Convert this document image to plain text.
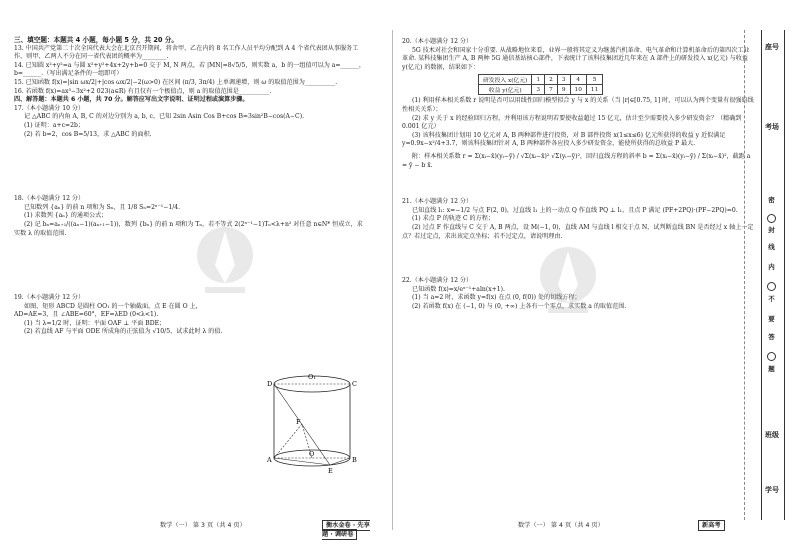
三、填空题：本题共 4 小题，每小题 5 分，共 20 分。
13. 中国共产党第二十次全国代表大会在北京召开期间，将舍甲、乙在内的 8 名工作人员平均分配到 A 4 个省代表团从事服务工作，则甲、乙两人不分在同一省代表团的概率为________.
14. 已知圆 x²+y²=a 与圆 x²+y²+4x+2y+b=0 交于 M, N 两点，若 |MN|=8√5/5，则实数 a，b 的一组值可以为 a=______，b=______.（写出满足条件的一组即可）
15. 已知函数 f(x)=|sin ωx/2|+|cos ωx/2|−2(ω>0) 在区间 (π/3, 3π/4) 上单调递增，则 ω 的取值范围为__________.
16. 若函数 f(x)=ax³−3x²+2 023(a∈R) 有且仅有一个极值点，则 a 的取值范围是__________.
四、解答题：本题共 6 小题，共 70 分。解答应写出文字说明、证明过程或演算步骤。
17.（本小题满分 10 分）
记 △ABC 的内角 A, B, C 的对边分别为 a, b, c，已知 2sin Asin Cos B+cos B=3sin²B−cos(A−C).
(1) 证明：a+c=2b；
(2) 若 b=2，cos B=5/13，求 △ABC 的面积.
18.（本小题满分 12 分）
已知数列 {aₙ} 的前 n 项和为 Sₙ，且 1/8 Sₙ=2ⁿ⁻¹−1/4.
(1) 求数列 {aₙ} 的通项公式；
(2) 记 bₙ=aₙ₊₁/((aₙ−1)(aₙ₊₁−1))，数列 {bₙ} 的前 n 项和为 Tₙ，若不等式 2(2ⁿ⁻¹−1)Tₙ<λ+n² 对任意 n∈N* 恒成立，求实数 λ 的取值范围.
19.（本小题满分 12 分）
如图，矩形 ABCD 是圆柱 OO₁ 的一个轴截面，点 E 在圆 O 上，AD=AE=3，且 ∠ABE=60°，EF=λED (0<λ<1).
(1) 当 λ=1/2 时，证明：平面 OAF ⊥ 平面 BDE；
(2) 若直线 AF 与平面 ODE 所成角的正弦值为 √10/5，试求此时 λ 的值.
O₁
D	C
F
A
O
B
E
数学（一） 第 3 页（共 4 页）	衡水金卷 · 先享题 · 调研卷
20.（本小题满分 12 分）
5G 技术对社会和国家十分重要. 从战略地位来看，业界一般将其定义为继蒸汽机革命、电气革命和计算机革命后的第四次工业革命. 某科技集团生产 A, B 两种 5G 通信基站核心部件，下表统计了该科技集团近几年来在 A 部件上的研发投入 x(亿元) 与收益 y(亿元) 的数据，结果如下：
研发投入 x(亿元)	1	2	3	4	5
收益 y(亿元)	3	7	9	10	11
(1) 利用样本相关系数 r 说明是否可以用线性回归模型拟合 y 与 x 的关系（当 |r|∈[0.75, 1] 时，可以认为两个变量有很强的线性相关关系）；
(2) 求 y 关于 x 的经验回归方程，并利用该方程说明若要使收益超过 15 亿元，估计至少需要投入多少研发资金？（精确到 0.001 亿元）
(3) 该科技集团计划用 10 亿元对 A, B 两种部件进行投资，对 B 部件投资 x(1≤x≤6) 亿元所获得的收益 y 近似满足 y=0.9x−x²/4+3.7，则该科技集团针对 A, B 两种部件各应投入多少研发资金，能使所获得的总收益 P 最大.
附：样本相关系数 r = Σ(xᵢ−x̄)(yᵢ−ȳ) / √Σ(xᵢ−x̄)² √Σ(yᵢ−ȳ)²，回归直线方程的斜率 b = Σ(xᵢ−x̄)(yᵢ−ȳ) / Σ(xᵢ−x̄)²，截距 a = ȳ − b x̄.
21.（本小题满分 12 分）
已知直线 l₁: x=−1/2 与点 F(2, 0)，过直线 l₁ 上的一动点 Q 作直线 PQ ⊥ l₁，且点 P 满足 (PF+2PQ)·(PF−2PQ)=0.
(1) 求点 P 的轨迹 C 的方程；
(2) 过点 F 作直线与 C 交于 A, B 两点，设 M(−1, 0)，直线 AM 与直线 l 相交于点 N，试判断直线 BN 是否经过 x 轴上一定点？若过定点，求出该定点坐标；若不过定点，请说明理由.
22.（本小题满分 12 分）
已知函数 f(x)=x/eˣ⁻¹+aln(x+1).
(1) 当 a=2 时，求函数 y=f(x) 在点 (0, f(0)) 处的切线方程；
(2) 若函数 f(x) 在 (−1, 0) 与 (0, +∞) 上各有一个零点，求实数 a 的取值范围.
数学（一） 第 4 页（共 4 页）	新高考
座号
考场
密
封
线
内
不
要
答
题
班级
学号
